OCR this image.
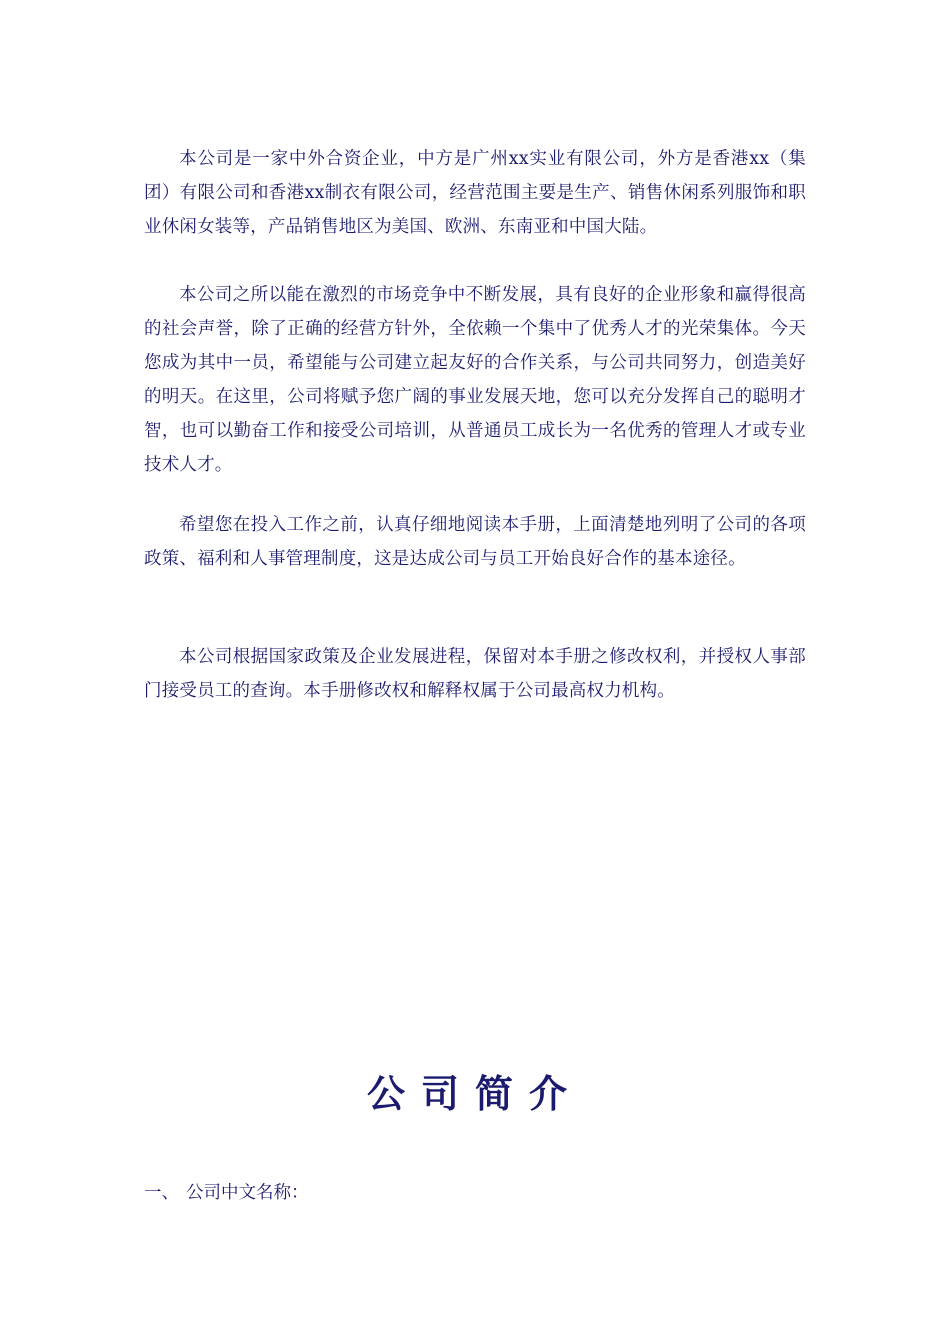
本公司是一家中外合资企业，中方是广州xx实业有限公司，外方是香港xx（集团）有限公司和香港xx制衣有限公司，经营范围主要是生产、销售休闲系列服饰和职业休闲女装等，产品销售地区为美国、欧洲、东南亚和中国大陆。

本公司之所以能在激烈的市场竞争中不断发展，具有良好的企业形象和赢得很高的社会声誉，除了正确的经营方针外，全依赖一个集中了优秀人才的光荣集体。今天您成为其中一员，希望能与公司建立起友好的合作关系，与公司共同努力，创造美好的明天。在这里，公司将赋予您广阔的事业发展天地，您可以充分发挥自己的聪明才智，也可以勤奋工作和接受公司培训，从普通员工成长为一名优秀的管理人才或专业技术人才。

希望您在投入工作之前，认真仔细地阅读本手册，上面清楚地列明了公司的各项政策、福利和人事管理制度，这是达成公司与员工开始良好合作的基本途径。

本公司根据国家政策及企业发展进程，保留对本手册之修改权利，并授权人事部门接受员工的查询。本手册修改权和解释权属于公司最高权力机构。

公司简介

一、 公司中文名称：
